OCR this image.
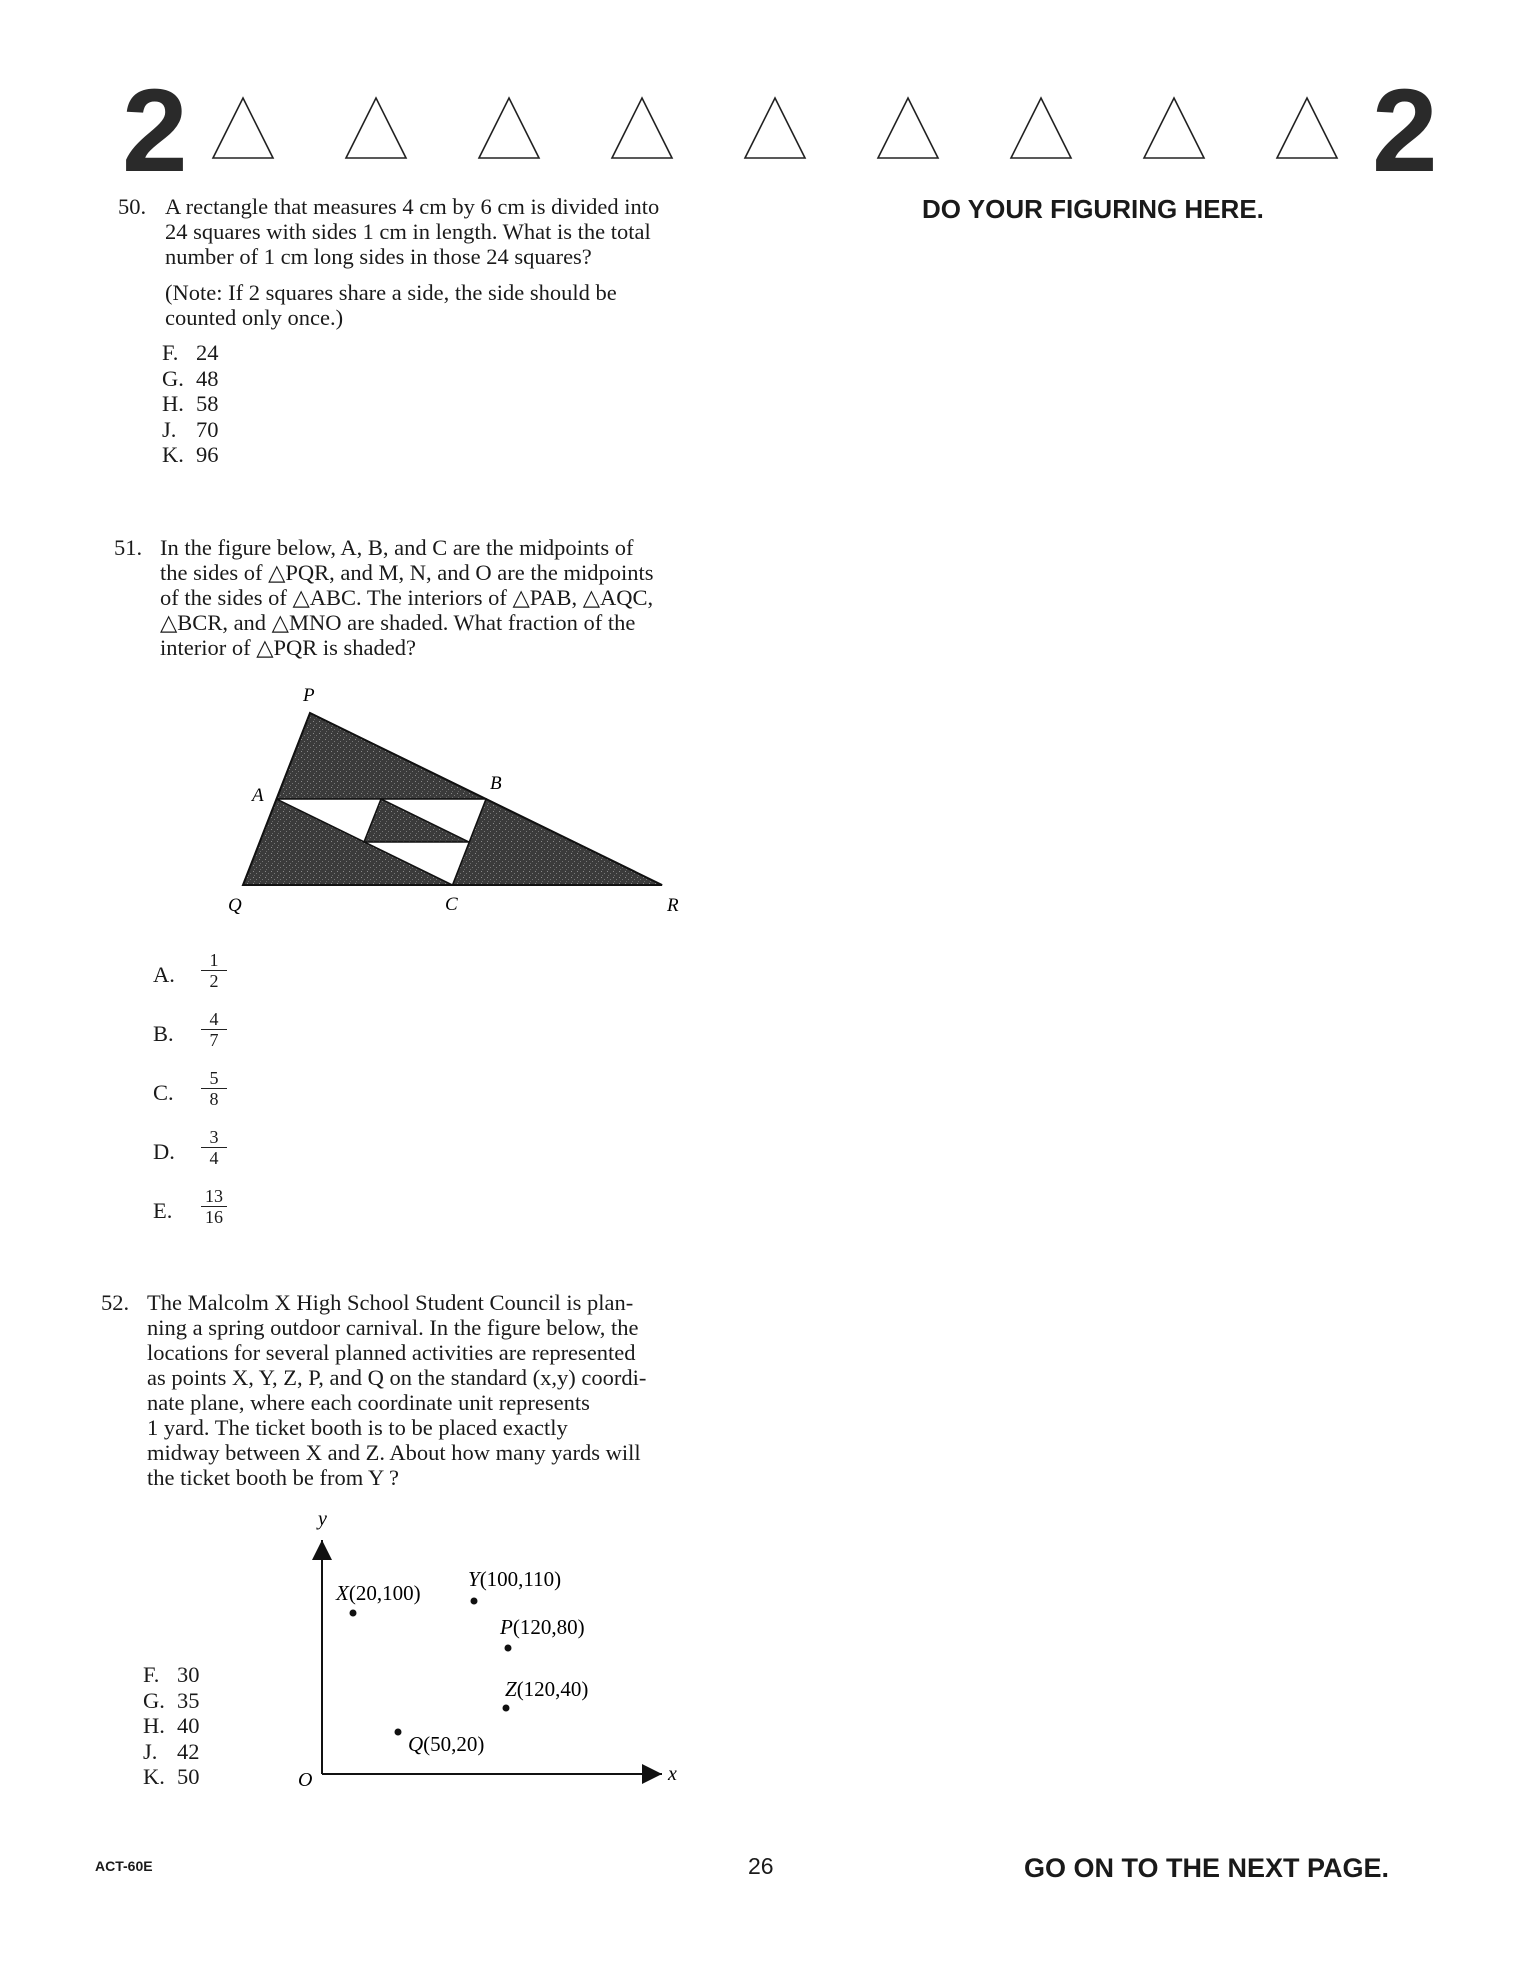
2	2
DO YOUR FIGURING HERE.
50. A rectangle that measures 4 cm by 6 cm is divided into
24 squares with sides 1 cm in length. What is the total
number of 1 cm long sides in those 24 squares?
(Note: If 2 squares share a side, the side should be
counted only once.)
F. 24
G. 48
H. 58
J. 70
K. 96
51. In the figure below, A, B, and C are the midpoints of
the sides of △PQR, and M, N, and O are the midpoints
of the sides of △ABC. The interiors of △PAB, △AQC,
△BCR, and △MNO are shaded. What fraction of the
interior of △PQR is shaded?
P
A
B
Q	C	R
A. $\frac{1}{2}$
B. $\frac{4}{7}$
C. $\frac{5}{8}$
D. $\frac{3}{4}$
E. $\frac{13}{16}$
52. The Malcolm X High School Student Council is plan-
ning a spring outdoor carnival. In the figure below, the
locations for several planned activities are represented
as points X, Y, Z, P, and Q on the standard (x,y) coordi-
nate plane, where each coordinate unit represents
1 yard. The ticket booth is to be placed exactly
midway between X and Z. About how many yards will
the ticket booth be from Y ?
y
x
O
X(20,100)
Y(100,110)
P(120,80)
Z(120,40)
Q(50,20)
F. 30
G. 35
H. 40
J. 42
K. 50
ACT-60E	26	GO ON TO THE NEXT PAGE.
